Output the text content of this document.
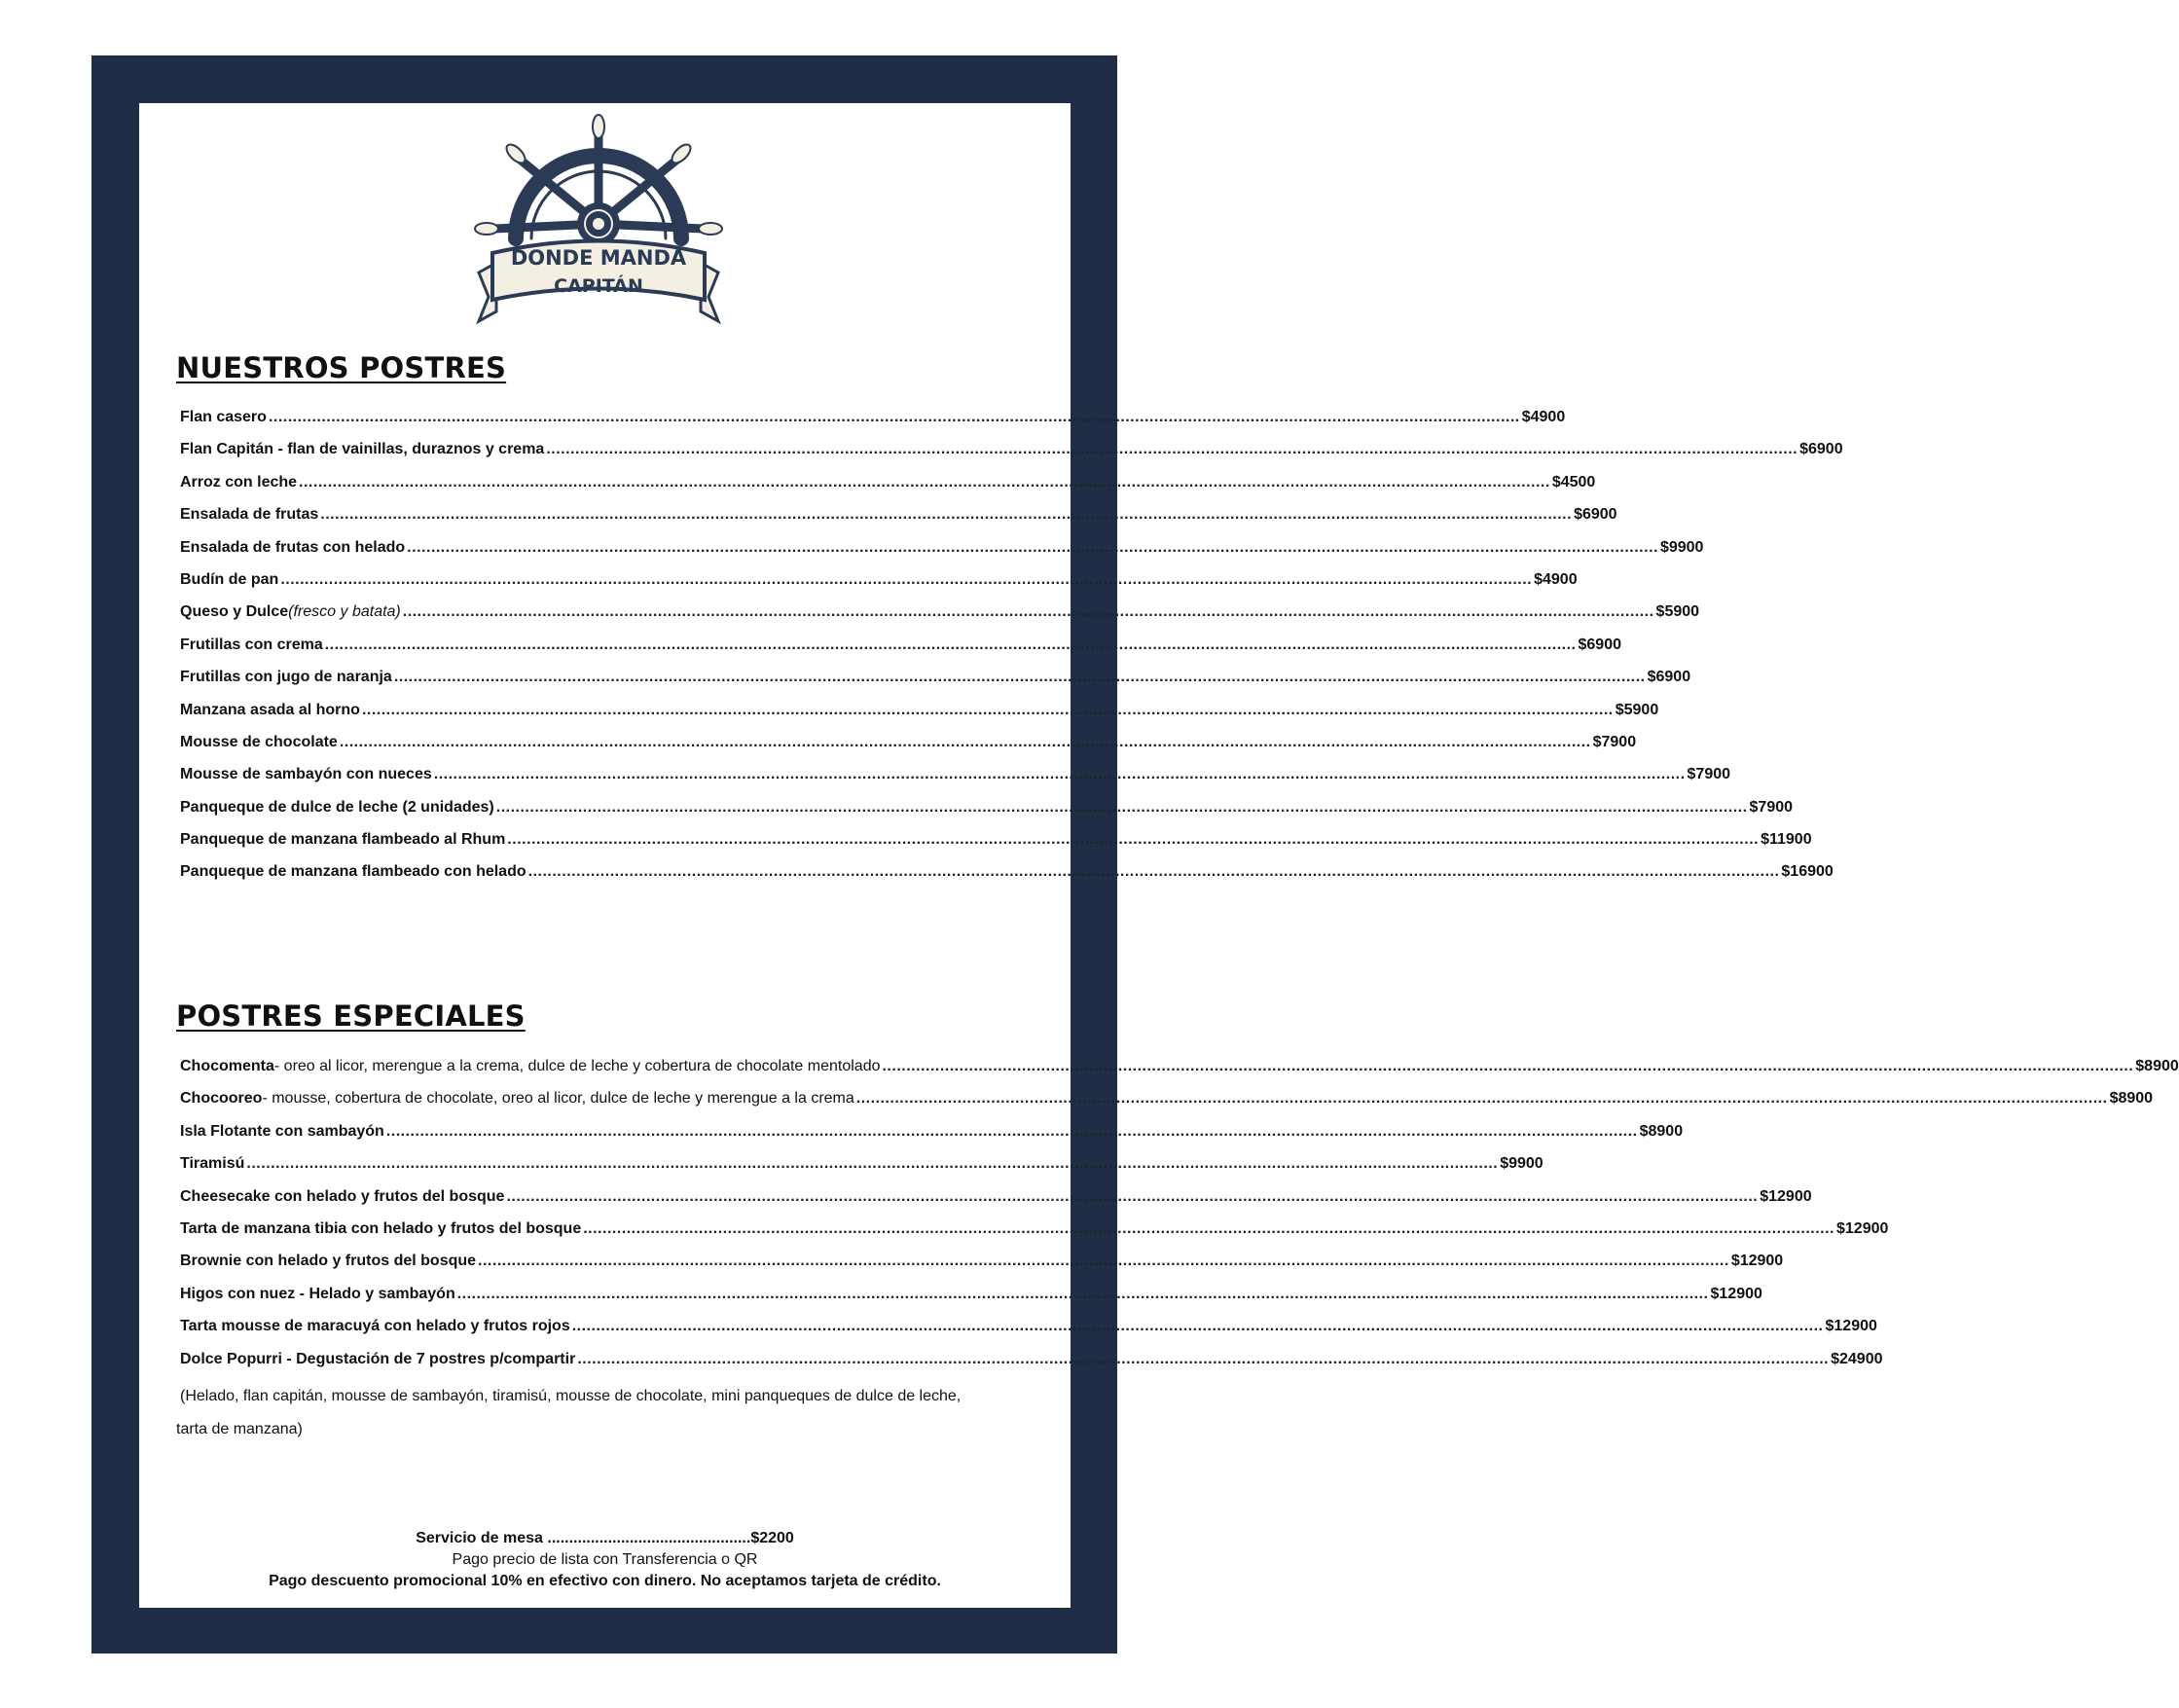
DONDE MANDA
CAPITÁN
NUESTROS POSTRES
Flan casero .................................................................................................................................................................................................................................................................... $4900
Flan Capitán - flan de vainillas, duraznos y crema .................................................................................................................................................................................................................................................................... $6900
Arroz con leche .................................................................................................................................................................................................................................................................... $4500
Ensalada de frutas .................................................................................................................................................................................................................................................................... $6900
Ensalada de frutas con helado .................................................................................................................................................................................................................................................................... $9900
Budín de pan .................................................................................................................................................................................................................................................................... $4900
Queso y Dulce (fresco y batata) .................................................................................................................................................................................................................................................................... $5900
Frutillas con crema .................................................................................................................................................................................................................................................................... $6900
Frutillas con jugo de naranja .................................................................................................................................................................................................................................................................... $6900
Manzana asada al horno .................................................................................................................................................................................................................................................................... $5900
Mousse de chocolate .................................................................................................................................................................................................................................................................... $7900
Mousse de sambayón con nueces .................................................................................................................................................................................................................................................................... $7900
Panqueque de dulce de leche (2 unidades) .................................................................................................................................................................................................................................................................... $7900
Panqueque de manzana flambeado al Rhum .................................................................................................................................................................................................................................................................... $11900
Panqueque de manzana flambeado con helado .................................................................................................................................................................................................................................................................... $16900
POSTRES ESPECIALES
Chocomenta - oreo al licor, merengue a la crema, dulce de leche y cobertura de chocolate mentolado .................................................................................................................................................................................................................................................................... $8900
Chocooreo - mousse, cobertura de chocolate, oreo al licor, dulce de leche y merengue a la crema .................................................................................................................................................................................................................................................................... $8900
Isla Flotante con sambayón .................................................................................................................................................................................................................................................................... $8900
Tiramisú .................................................................................................................................................................................................................................................................... $9900
Cheesecake con helado y frutos del bosque .................................................................................................................................................................................................................................................................... $12900
Tarta de manzana tibia con helado y frutos del bosque .................................................................................................................................................................................................................................................................... $12900
Brownie con helado y frutos del bosque .................................................................................................................................................................................................................................................................... $12900
Higos con nuez - Helado y sambayón .................................................................................................................................................................................................................................................................... $12900
Tarta mousse de maracuyá con helado y frutos rojos .................................................................................................................................................................................................................................................................... $12900
Dolce Popurri - Degustación de 7 postres p/compartir .................................................................................................................................................................................................................................................................... $24900
(Helado, flan capitán, mousse de sambayón, tiramisú, mousse de chocolate, mini panqueques de dulce de leche, tarta de manzana)
Servicio de mesa ...............................................$2200
Pago precio de lista con Transferencia o QR
Pago descuento promocional 10% en efectivo con dinero. No aceptamos tarjeta de crédito.
